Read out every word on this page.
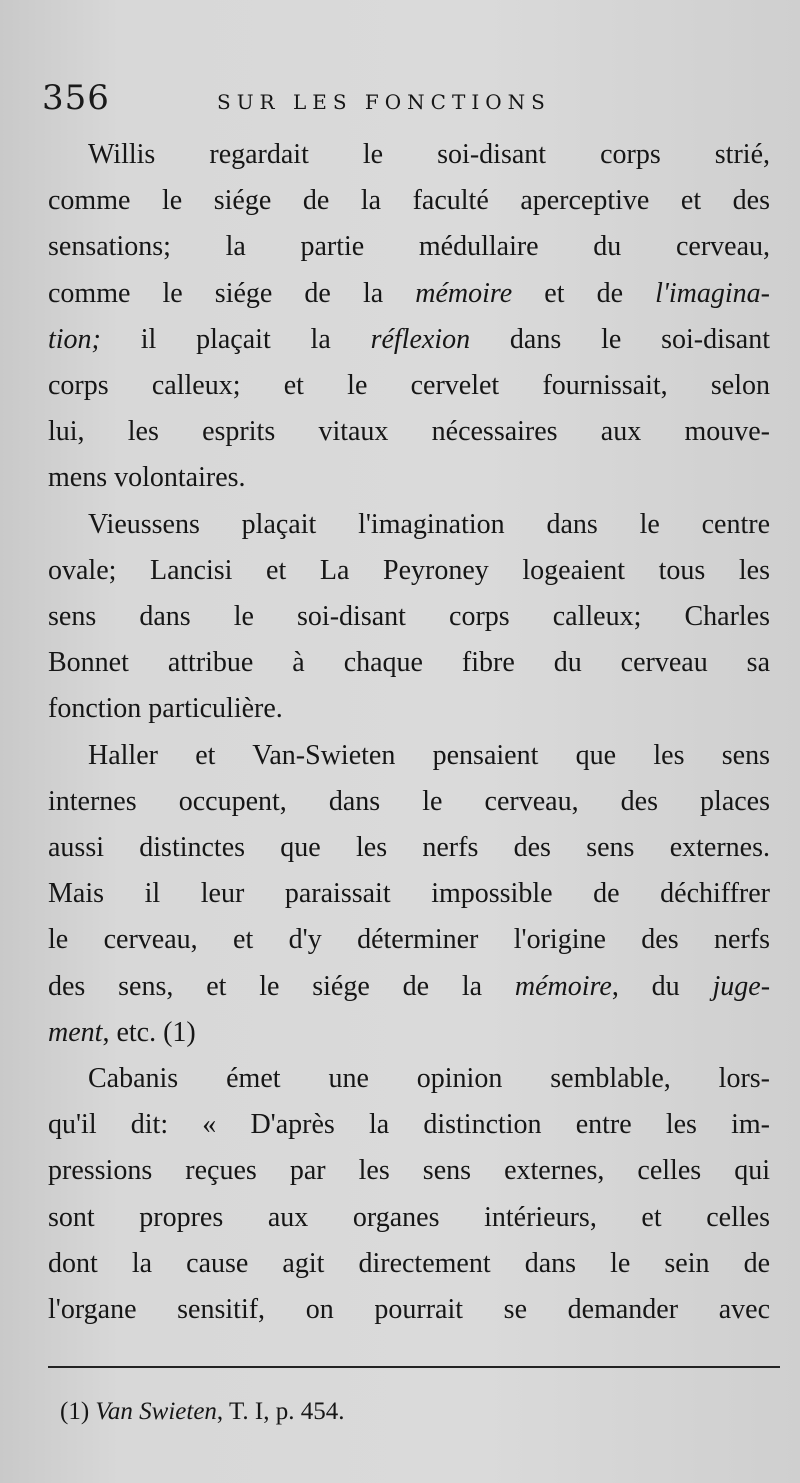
356	SUR LES FONCTIONS
Willis regardait le soi-disant corps strié,
comme le siége de la faculté aperceptive et des
sensations; la partie médullaire du cerveau,
comme le siége de la mémoire et de l'imagina-
tion; il plaçait la réflexion dans le soi-disant
corps calleux; et le cervelet fournissait, selon
lui, les esprits vitaux nécessaires aux mouve-
mens volontaires.
Vieussens plaçait l'imagination dans le centre
ovale; Lancisi et La Peyroney logeaient tous les
sens dans le soi-disant corps calleux; Charles
Bonnet attribue à chaque fibre du cerveau sa
fonction particulière.
Haller et Van-Swieten pensaient que les sens
internes occupent, dans le cerveau, des places
aussi distinctes que les nerfs des sens externes.
Mais il leur paraissait impossible de déchiffrer
le cerveau, et d'y déterminer l'origine des nerfs
des sens, et le siége de la mémoire, du juge-
ment, etc. (1)
Cabanis émet une opinion semblable, lors-
qu'il dit: « D'après la distinction entre les im-
pressions reçues par les sens externes, celles qui
sont propres aux organes intérieurs, et celles
dont la cause agit directement dans le sein de
l'organe sensitif, on pourrait se demander avec
(1) Van Swieten, T. I, p. 454.
